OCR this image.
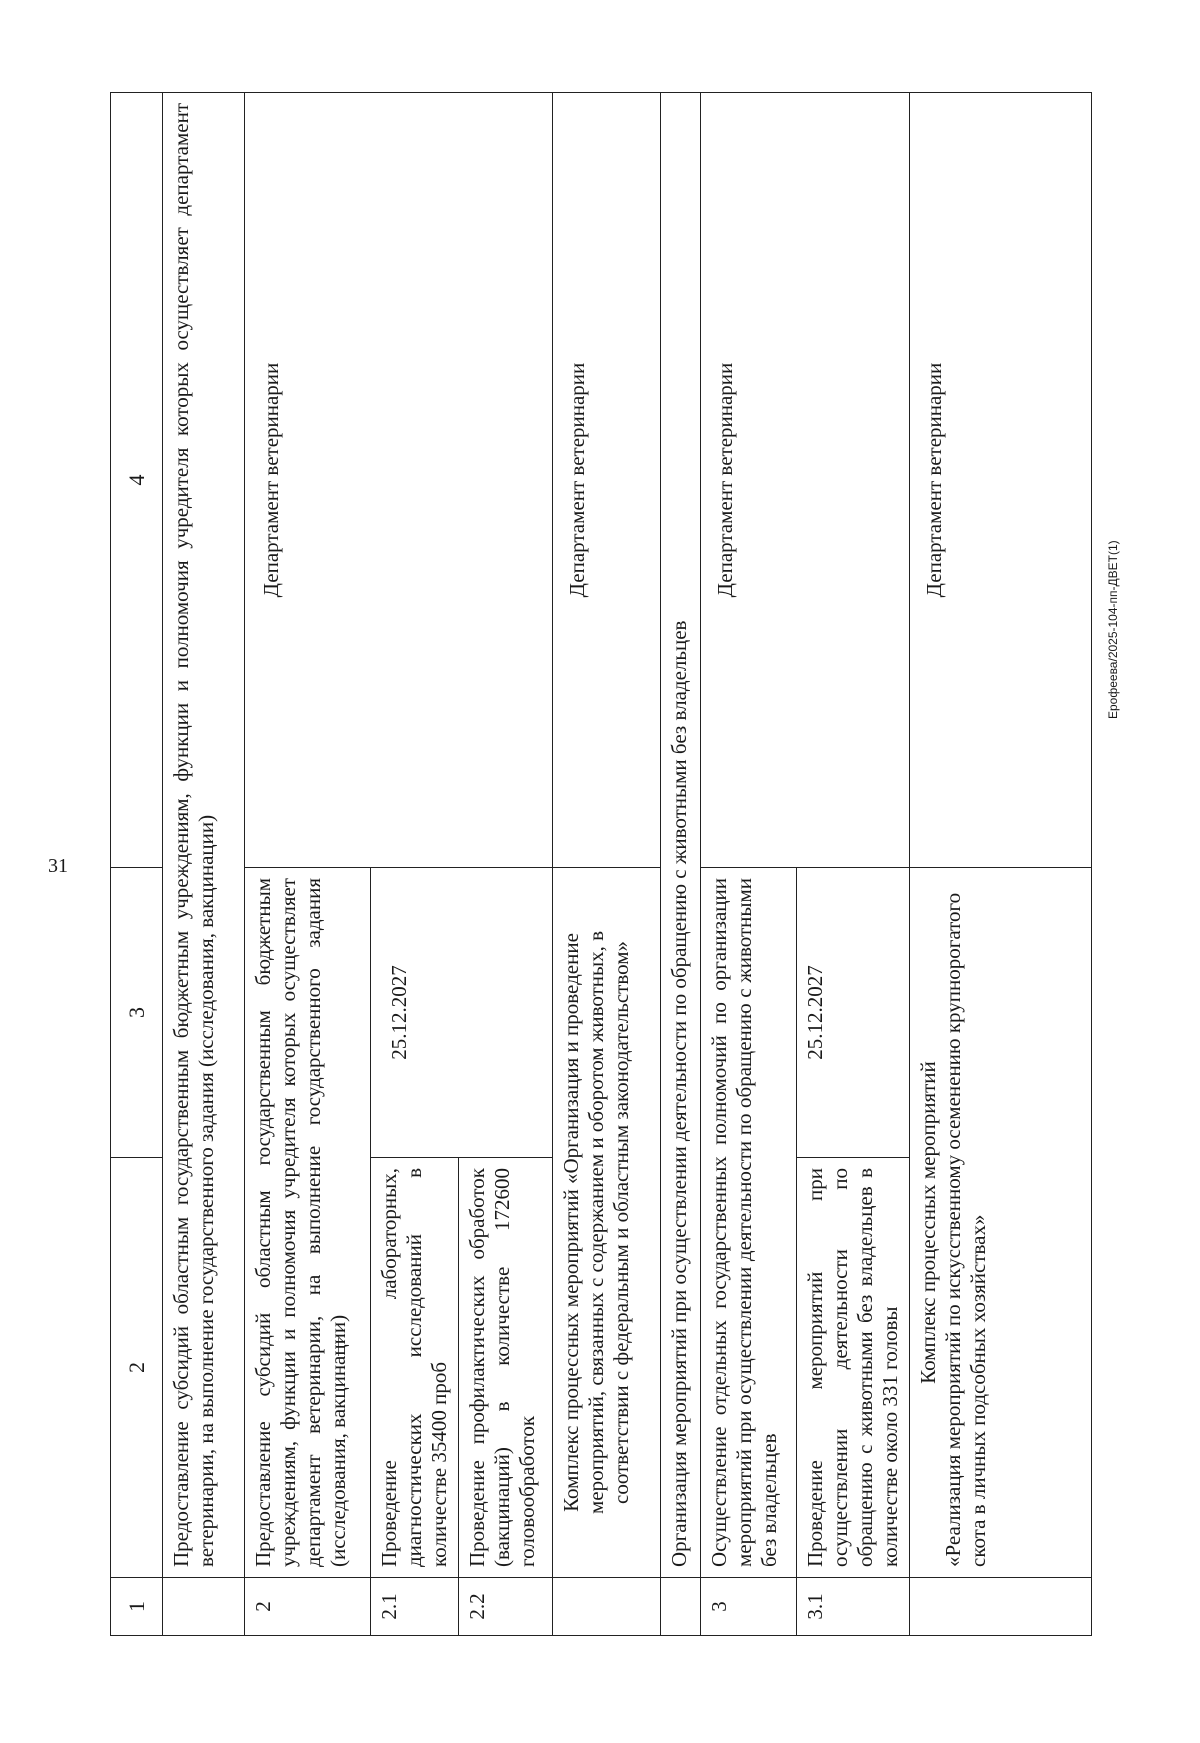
31
Ерофеева/2025-104-пп-ДВЕТ(1)
1	2	3	4
	Предоставление субсидий областным государственным бюджетным учреждениям, функции и полномочия учредителя которых осуществляет департамент ветеринарии, на выполнение государственного задания (исследования, вакцинации)		
2	Предоставление субсидий областным государственным бюджетным учреждениям, функции и полномочия учредителя которых осуществляет департамент ветеринарии, на выполнение государственного задания (исследования, вакцинации)		Департамент ветеринарии
2.1	Проведение лабораторных, диагностических исследований в количестве 35400 проб	25.12.2027	
2.2	Проведение профилактических обработок (вакцинаций) в количестве 172600 головообработок		
	Комплекс процессных мероприятий «Организация и проведение мероприятий, связанных с содержанием и оборотом животных, в соответствии с федеральным и областным законодательством»		Департамент ветеринарии
	Организация мероприятий при осуществлении деятельности по обращению с животными без владельцев		
3	Осуществление отдельных государственных полномочий по организации мероприятий при осуществлении деятельности по обращению с животными без владельцев		Департамент ветеринарии
3.1	Проведение мероприятий при осуществлении деятельности по обращению с животными без владельцев в количестве около 331 головы	25.12.2027	

	Комплекс процессных мероприятий «Реализация мероприятий по искусственному осеменению крупнорогатого скота в личных подсобных хозяйствах»		Департамент ветеринарии
